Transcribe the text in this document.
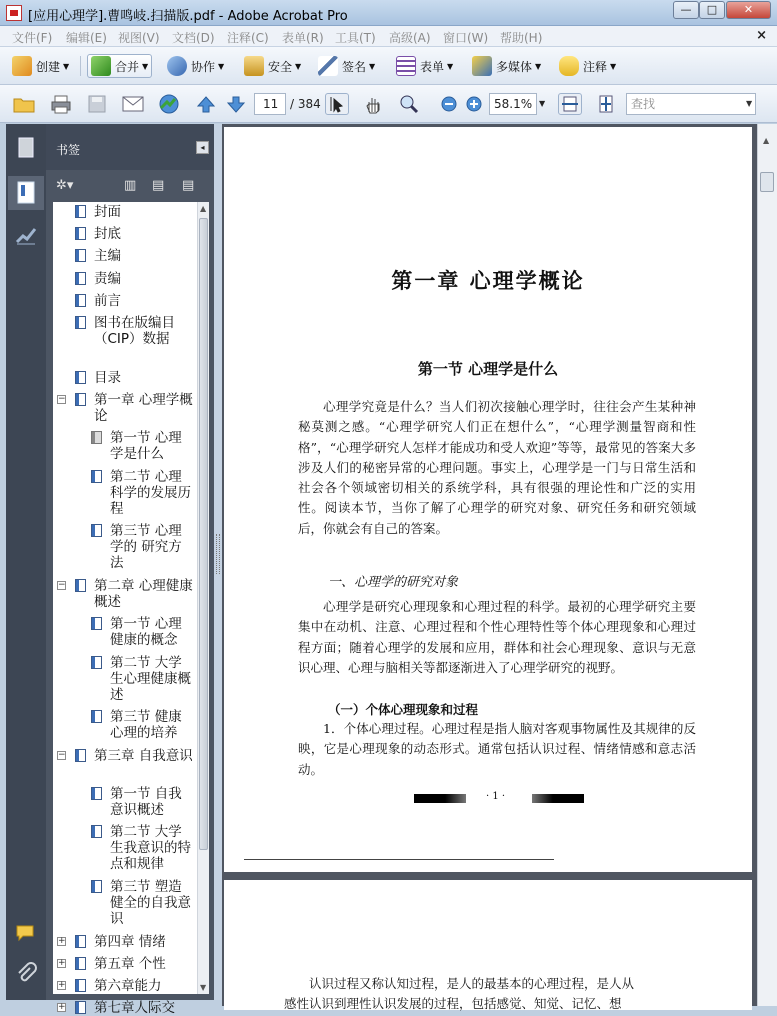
[应用心理学].曹鸣岐.扫描版.pdf - Adobe Acrobat Pro	—	□	✕
文件(F) 编辑(E) 视图(V) 文档(D) 注释(C) 表单(R) 工具(T) 高级(A) 窗口(W) 帮助(H)	×
创建 ▼	合并 ▼	协作 ▼	安全 ▼	签名 ▼	表单 ▼	多媒体 ▼	注释 ▼
11 / 384	58.1% ▼	查找	▼
书签	◂
✲▾	▥ ▤ ▤
封面
封底
主编
责编
前言
图书在版编目（CIP）数据
目录
− 第一章 心理学概论
第一节 心理学是什么
第二节 心理科学的发展历程
第三节 心理学的 研究方法
− 第二章 心理健康概述
第一节 心理健康的概念
第二节 大学生心理健康概述
第三节 健康心理的培养
− 第三章 自我意识
第一节 自我意识概述
第二节 大学生我意识的特点和规律
第三节 塑造健全的自我意识
+ 第四章 情绪
+ 第五章 个性
+ 第六章能力
+ 第七章人际交
▲
▼
第一章 心理学概论
第一节 心理学是什么
心理学究竟是什么？当人们初次接触心理学时，往往会产生某种神秘莫测之感。“心理学研究人们正在想什么”，“心理学测量智商和性格”，“心理学研究人怎样才能成功和受人欢迎”等等，最常见的答案大多涉及人们的秘密异常的心理问题。事实上，心理学是一门与日常生活和社会各个领域密切相关的系统学科，具有很强的理论性和广泛的实用性。阅读本节，当你了解了心理学的研究对象、研究任务和研究领域后，你就会有自己的答案。
一、心理学的研究对象
心理学是研究心理现象和心理过程的科学。最初的心理学研究主要集中在动机、注意、心理过程和个性心理特性等个体心理现象和心理过程方面；随着心理学的发展和应用，群体和社会心理现象、意识与无意识心理、心理与脑相关等都逐渐进入了心理学研究的视野。
（一）个体心理现象和过程
1．个体心理过程。心理过程是指人脑对客观事物属性及其规律的反映，它是心理现象的动态形式。通常包括认识过程、情绪情感和意志活动。
· 1 ·
认识过程又称认知过程，是人的最基本的心理过程，是人从
感性认识到理性认识发展的过程，包括感觉、知觉、记忆、想
▲
